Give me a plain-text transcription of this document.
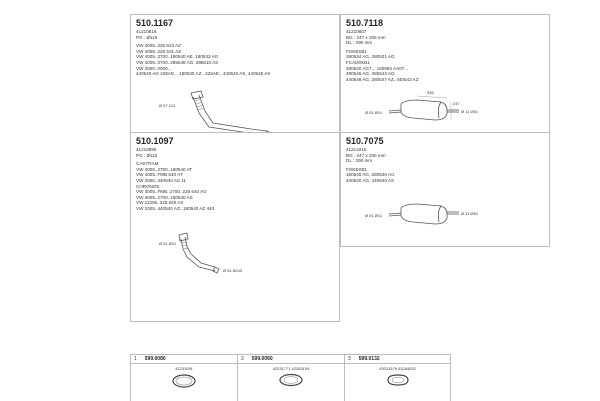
510.1167
41210816
PG : Ø115
VW 4005..225 623 AZ
VW 4005..226 531 AZ
VW 4005..2700..180540 AE, 180543 AG
VW 4005..0700..285648 AG, 285610 AS
VW 2000..0000...
440540 AG 225AE... 180540 AZ.. 225AE.. 440540 AS, 440546 AS
Ø 57 113
510.7118
41210807
BG : 247 x 335 mm
DL : 290 mm
FIS60XB1
280534 AG, 280531 AG
FCAD0XB1
280540 AG7... 180563 AA07...
280546 AG, 285543 AG
440546 AG, 280547 AZ, 440543 AZ
Ø 51 Ø11	Ø 11 Ø51
335
247
510.1097
41210895
PG : Ø115
CASTRAM
VW 4005..2700..180540 AT
VW 4005..FMB 540 AT
VW 2000..440540 AS 11
CHRONOS
VW 4005..FMB..2700..225 640 AG
VW 4005..2700..180540 AS
VW 11005..225 640 AS
VW 2005..440540 AG..180540 AZ 440
Ø 51 Ø11
Ø 51 Ø115
510.7075
41214215
BG : 247 x 335 mm
DL : 290 mm
FIS60XB1
180540 AG, 280540 AG
440540 AG, 440540 AS
Ø 51 Ø11	Ø 11 Ø51
1 599.0080
41231091
2 599.0060
42231771 42283154
3 599.0132
43013378 43284032
